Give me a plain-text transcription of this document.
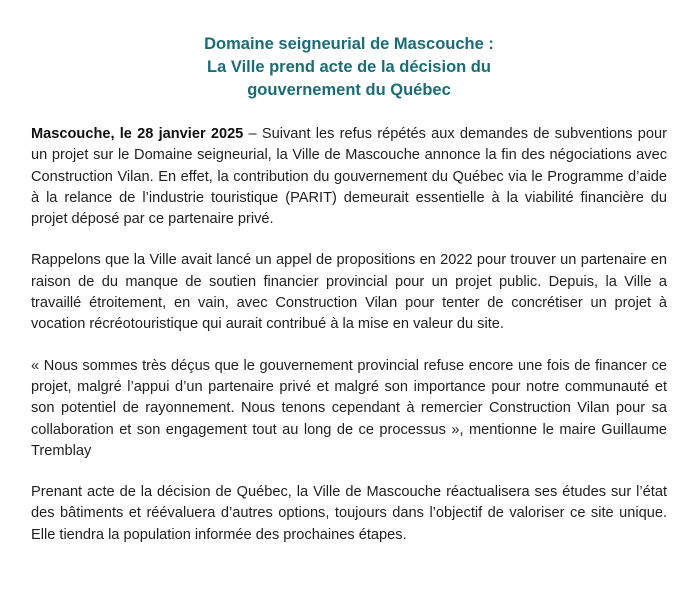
Domaine seigneurial de Mascouche :
La Ville prend acte de la décision du
gouvernement du Québec

Mascouche, le 28 janvier 2025 – Suivant les refus répétés aux demandes de subventions pour un projet sur le Domaine seigneurial, la Ville de Mascouche annonce la fin des négociations avec Construction Vilan. En effet, la contribution du gouvernement du Québec via le Programme d’aide à la relance de l’industrie touristique (PARIT) demeurait essentielle à la viabilité financière du projet déposé par ce partenaire privé.

Rappelons que la Ville avait lancé un appel de propositions en 2022 pour trouver un partenaire en raison de du manque de soutien financier provincial pour un projet public. Depuis, la Ville a travaillé étroitement, en vain, avec Construction Vilan pour tenter de concrétiser un projet à vocation récréotouristique qui aurait contribué à la mise en valeur du site.

« Nous sommes très déçus que le gouvernement provincial refuse encore une fois de financer ce projet, malgré l’appui d’un partenaire privé et malgré son importance pour notre communauté et son potentiel de rayonnement. Nous tenons cependant à remercier Construction Vilan pour sa collaboration et son engagement tout au long de ce processus », mentionne le maire Guillaume Tremblay

Prenant acte de la décision de Québec, la Ville de Mascouche réactualisera ses études sur l’état des bâtiments et réévaluera d’autres options, toujours dans l’objectif de valoriser ce site unique. Elle tiendra la population informée des prochaines étapes.
